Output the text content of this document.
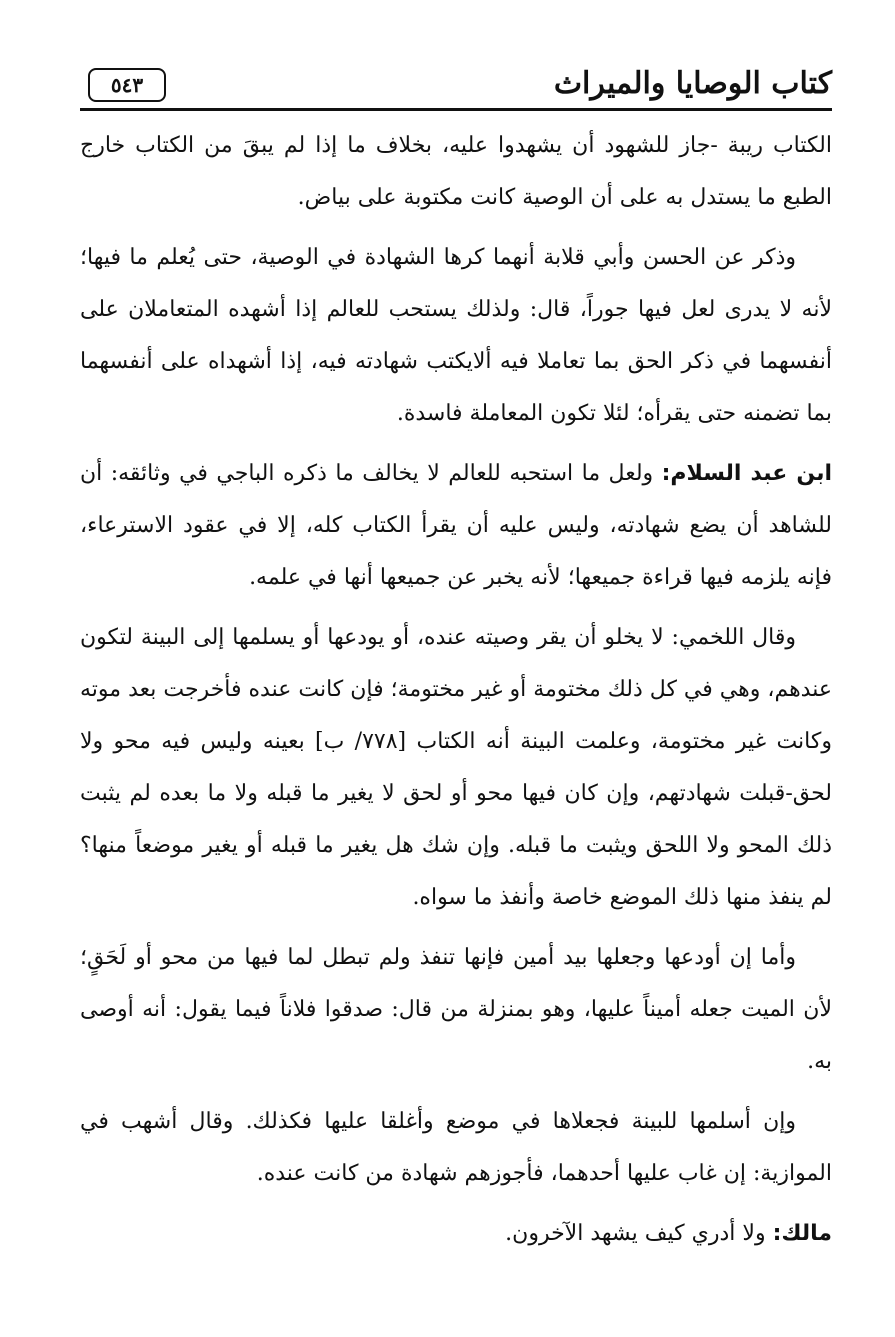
كتاب الوصايا والميراث
٥٤٣

الكتاب ريبة -جاز للشهود أن يشهدوا عليه، بخلاف ما إذا لم يبقَ من الكتاب خارج الطبع ما يستدل به على أن الوصية كانت مكتوبة على بياض.

وذكر عن الحسن وأبي قلابة أنهما كرها الشهادة في الوصية، حتى يُعلم ما فيها؛ لأنه لا يدرى لعل فيها جوراً، قال: ولذلك يستحب للعالم إذا أشهده المتعاملان على أنفسهما في ذكر الحق بما تعاملا فيه ألايكتب شهادته فيه، إذا أشهداه على أنفسهما بما تضمنه حتى يقرأه؛ لئلا تكون المعاملة فاسدة.

ابن عبد السلام: ولعل ما استحبه للعالم لا يخالف ما ذكره الباجي في وثائقه: أن للشاهد أن يضع شهادته، وليس عليه أن يقرأ الكتاب كله، إلا في عقود الاسترعاء، فإنه يلزمه فيها قراءة جميعها؛ لأنه يخبر عن جميعها أنها في علمه.

وقال اللخمي: لا يخلو أن يقر وصيته عنده، أو يودعها أو يسلمها إلى البينة لتكون عندهم، وهي في كل ذلك مختومة أو غير مختومة؛ فإن كانت عنده فأخرجت بعد موته وكانت غير مختومة، وعلمت البينة أنه الكتاب [٧٧٨/ ب] بعينه وليس فيه محو ولا لحق-قبلت شهادتهم، وإن كان فيها محو أو لحق لا يغير ما قبله ولا ما بعده لم يثبت ذلك المحو ولا اللحق ويثبت ما قبله. وإن شك هل يغير ما قبله أو يغير موضعاً منها؟ لم ينفذ منها ذلك الموضع خاصة وأنفذ ما سواه.

وأما إن أودعها وجعلها بيد أمين فإنها تنفذ ولم تبطل لما فيها من محو أو لَحَقٍ؛ لأن الميت جعله أميناً عليها، وهو بمنزلة من قال: صدقوا فلاناً فيما يقول: أنه أوصى به.

وإن أسلمها للبينة فجعلاها في موضع وأغلقا عليها فكذلك. وقال أشهب في الموازية: إن غاب عليها أحدهما، فأجوزهم شهادة من كانت عنده.

مالك: ولا أدري كيف يشهد الآخرون.
